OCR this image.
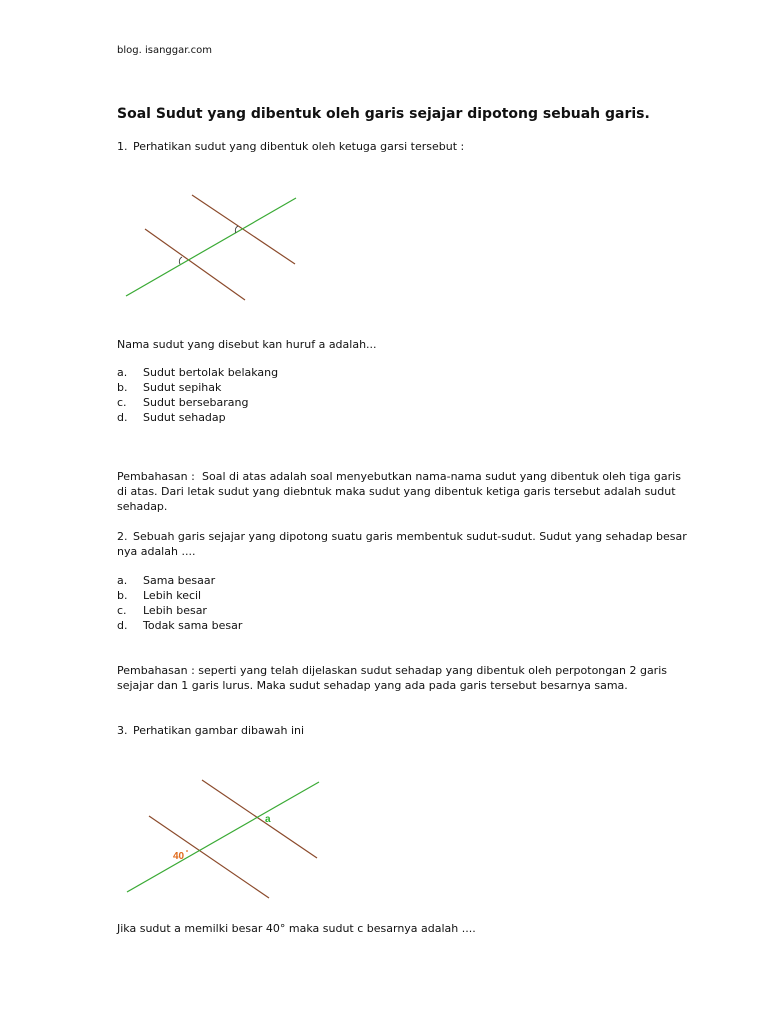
blog. isanggar.com
Soal Sudut yang dibentuk oleh garis sejajar dipotong sebuah garis.
1. Perhatikan sudut yang dibentuk oleh ketuga garsi tersebut :
Nama sudut yang disebut kan huruf a adalah...
a. Sudut bertolak belakang
b. Sudut sepihak
c. Sudut bersebarang
d. Sudut sehadap
Pembahasan : Soal di atas adalah soal menyebutkan nama-nama sudut yang dibentuk oleh tiga garis
di atas. Dari letak sudut yang diebntuk maka sudut yang dibentuk ketiga garis tersebut adalah sudut
sehadap.
2. Sebuah garis sejajar yang dipotong suatu garis membentuk sudut-sudut. Sudut yang sehadap besar
nya adalah ....
a. Sama besaar
b. Lebih kecil
c. Lebih besar
d. Todak sama besar
Pembahasan : seperti yang telah dijelaskan sudut sehadap yang dibentuk oleh perpotongan 2 garis
sejajar dan 1 garis lurus. Maka sudut sehadap yang ada pada garis tersebut besarnya sama.
3. Perhatikan gambar dibawah ini
40
a
Jika sudut a memilki besar 40° maka sudut c besarnya adalah ....
